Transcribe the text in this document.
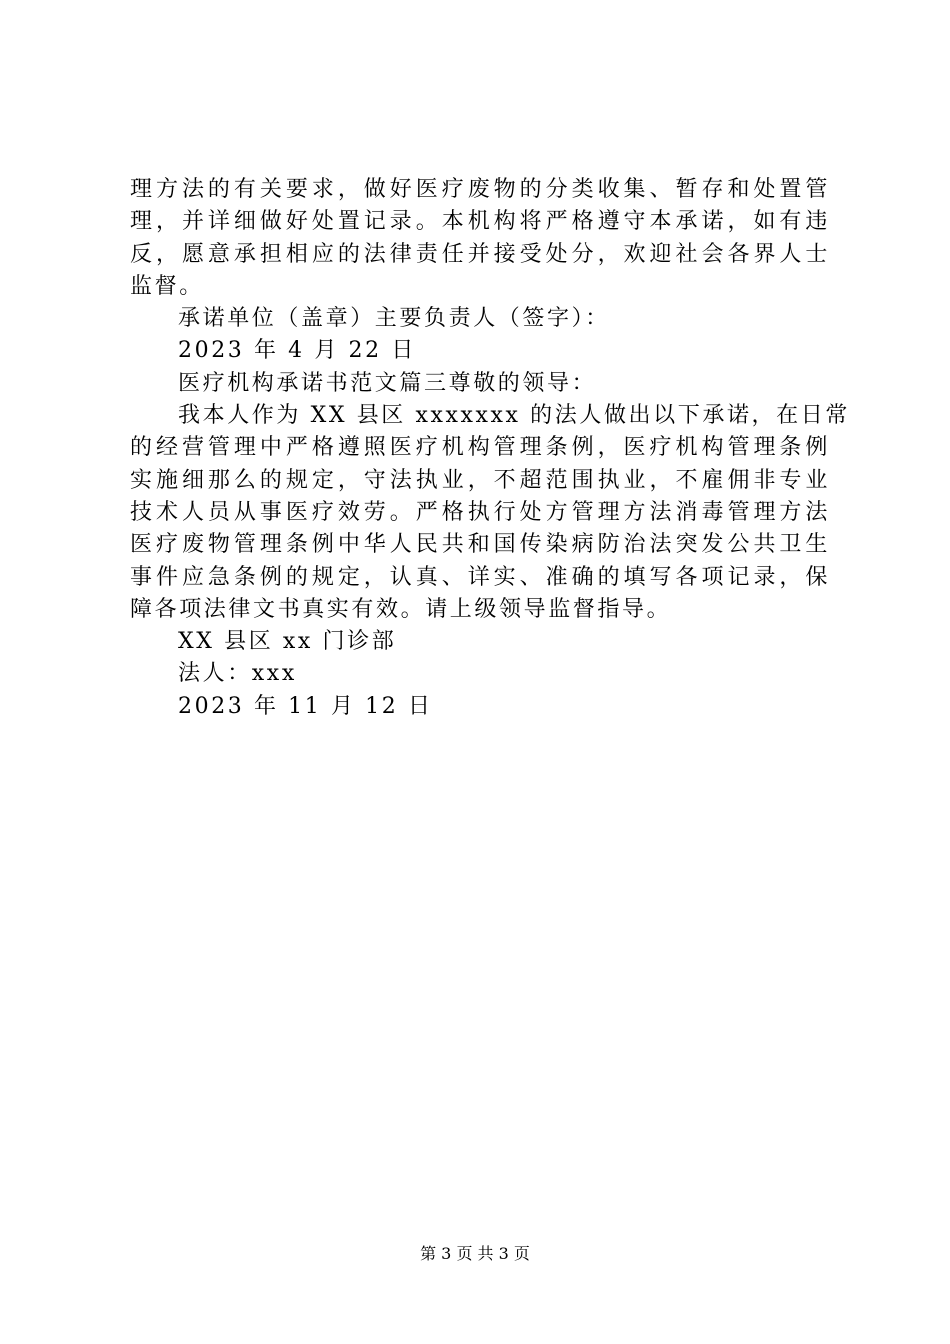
理方法的有关要求，做好医疗废物的分类收集、暂存和处置管
理，并详细做好处置记录。本机构将严格遵守本承诺，如有违
反，愿意承担相应的法律责任并接受处分，欢迎社会各界人士
监督。
承诺单位（盖章）主要负责人（签字）：
2023 年 4 月 22 日
医疗机构承诺书范文篇三尊敬的领导：
我本人作为 XX 县区 xxxxxxx 的法人做出以下承诺，在日常
的经营管理中严格遵照医疗机构管理条例，医疗机构管理条例
实施细那么的规定，守法执业，不超范围执业，不雇佣非专业
技术人员从事医疗效劳。严格执行处方管理方法消毒管理方法
医疗废物管理条例中华人民共和国传染病防治法突发公共卫生
事件应急条例的规定，认真、详实、准确的填写各项记录，保
障各项法律文书真实有效。请上级领导监督指导。
XX 县区 xx 门诊部
法人：xxx
2023 年 11 月 12 日
第 3 页 共 3 页
